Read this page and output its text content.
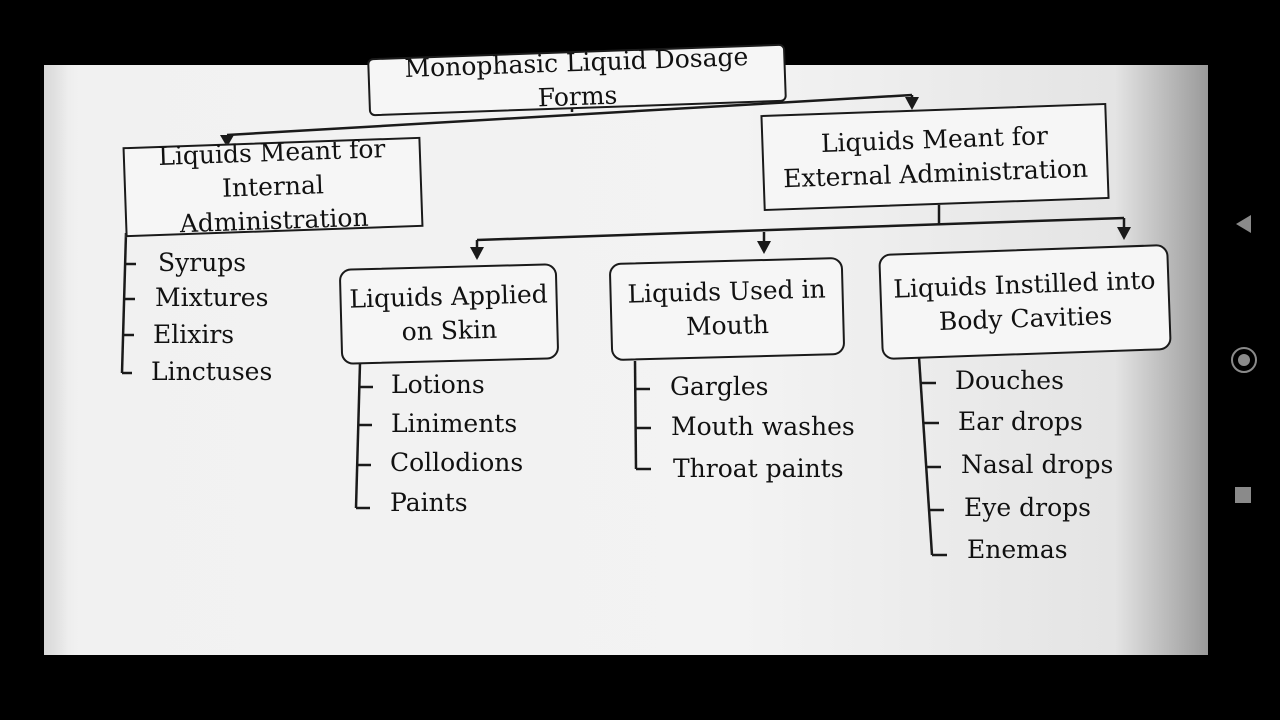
Monophasic Liquid Dosage Forms
Liquids Meant for Internal Administration
Liquids Meant for External Administration
Liquids Applied on Skin
Liquids Used in Mouth
Liquids Instilled into Body Cavities
Syrups
Mixtures
Elixirs
Linctuses	Lotions
Liniments
Collodions
Paints
Gargles
Mouth washes
Throat paints
Douches
Ear drops
Nasal drops
Eye drops
Enemas
